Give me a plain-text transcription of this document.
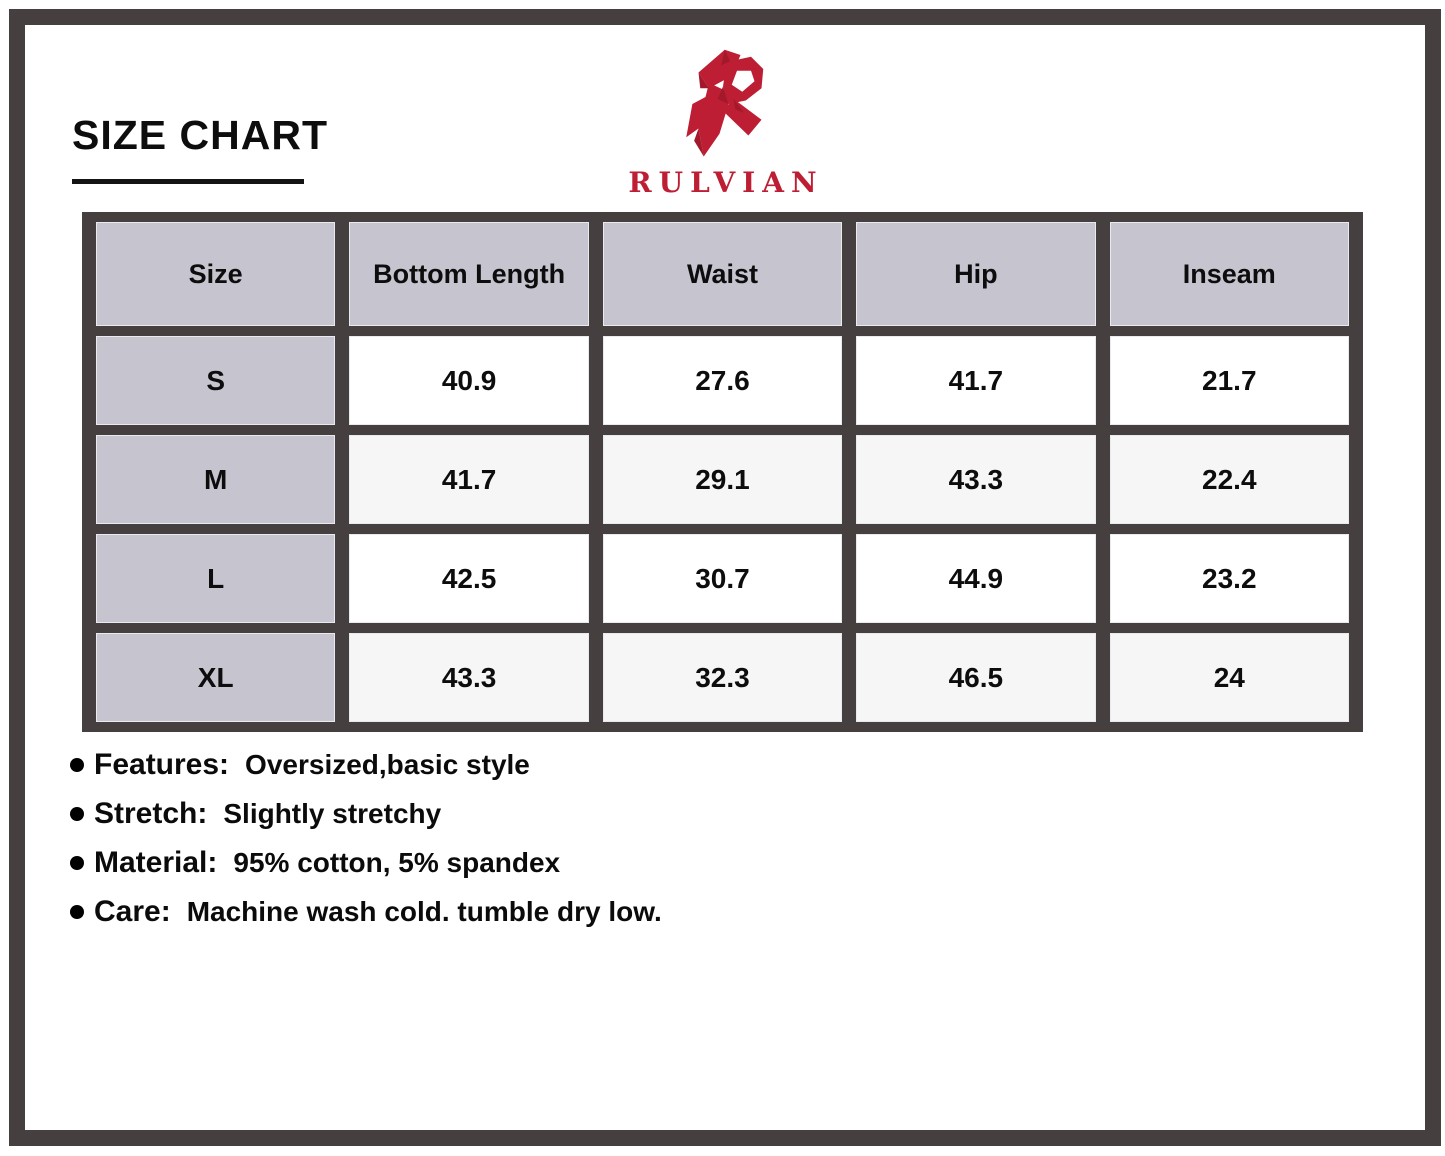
SIZE CHART
RULVIAN
Size	Bottom Length	Waist	Hip	Inseam
S	40.9	27.6	41.7	21.7
M	41.7	29.1	43.3	22.4
L	42.5	30.7	44.9	23.2
XL	43.3	32.3	46.5	24
Features: Oversized,basic style
Stretch: Slightly stretchy
Material: 95% cotton, 5% spandex
Care: Machine wash cold. tumble dry low.
